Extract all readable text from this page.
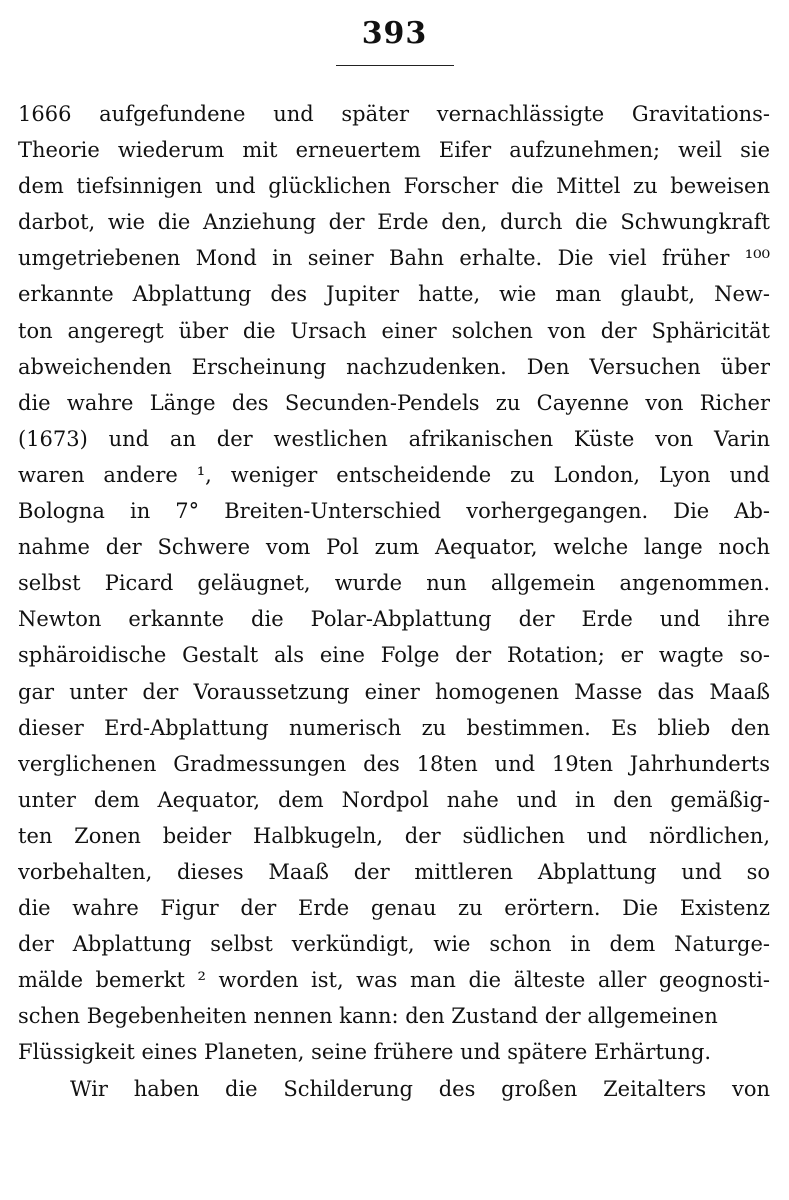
393
1666 aufgefundene und später vernachlässigte Gravitations-
Theorie wiederum mit erneuertem Eifer aufzunehmen; weil sie
dem tiefsinnigen und glücklichen Forscher die Mittel zu beweisen
darbot, wie die Anziehung der Erde den, durch die Schwungkraft
umgetriebenen Mond in seiner Bahn erhalte. Die viel früher ¹⁰⁰
erkannte Abplattung des Jupiter hatte, wie man glaubt, New-
ton angeregt über die Ursach einer solchen von der Sphäricität
abweichenden Erscheinung nachzudenken. Den Versuchen über
die wahre Länge des Secunden-Pendels zu Cayenne von Richer
(1673) und an der westlichen afrikanischen Küste von Varin
waren andere ¹, weniger entscheidende zu London, Lyon und
Bologna in 7° Breiten-Unterschied vorhergegangen. Die Ab-
nahme der Schwere vom Pol zum Aequator, welche lange noch
selbst Picard geläugnet, wurde nun allgemein angenommen.
Newton erkannte die Polar-Abplattung der Erde und ihre
sphäroidische Gestalt als eine Folge der Rotation; er wagte so-
gar unter der Voraussetzung einer homogenen Masse das Maaß
dieser Erd-Abplattung numerisch zu bestimmen. Es blieb den
verglichenen Gradmessungen des 18ten und 19ten Jahrhunderts
unter dem Aequator, dem Nordpol nahe und in den gemäßig-
ten Zonen beider Halbkugeln, der südlichen und nördlichen,
vorbehalten, dieses Maaß der mittleren Abplattung und so
die wahre Figur der Erde genau zu erörtern. Die Existenz
der Abplattung selbst verkündigt, wie schon in dem Naturge-
mälde bemerkt ² worden ist, was man die älteste aller geognosti-
schen Begebenheiten nennen kann: den Zustand der allgemeinen
Flüssigkeit eines Planeten, seine frühere und spätere Erhärtung.
Wir haben die Schilderung des großen Zeitalters von
